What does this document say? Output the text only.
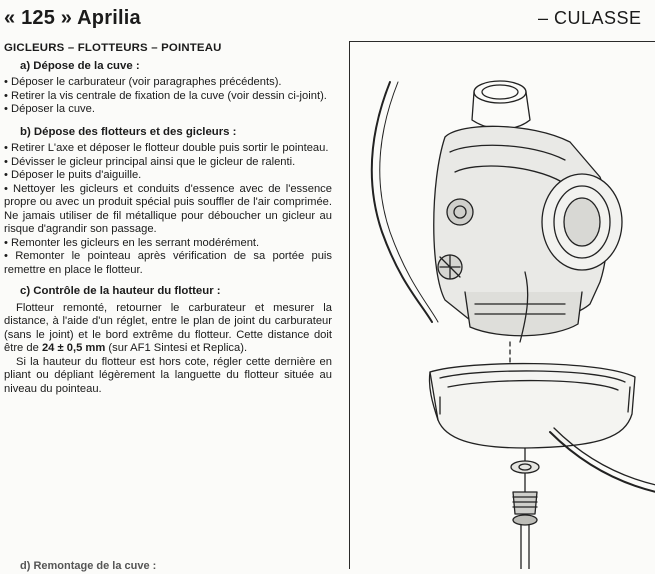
« 125 » Aprilia	– CULASSE
GICLEURS – FLOTTEURS – POINTEAU
a) Dépose de la cuve :

• Déposer le carburateur (voir paragraphes précédents).

• Retirer la vis centrale de fixation de la cuve (voir dessin ci-joint).

• Déposer la cuve.

b) Dépose des flotteurs et des gicleurs :

• Retirer L'axe et déposer le flotteur double puis sortir le pointeau.

• Dévisser le gicleur principal ainsi que le gicleur de ralenti.

• Déposer le puits d'aiguille.

• Nettoyer les gicleurs et conduits d'essence avec de l'essence propre ou avec un produit spécial puis souffler de l'air comprimée. Ne jamais utiliser de fil métallique pour déboucher un gicleur au risque d'agrandir son passage.

• Remonter les gicleurs en les serrant modérément.

• Remonter le pointeau après vérification de sa portée puis remettre en place le flotteur.

c) Contrôle de la hauteur du flotteur :

Flotteur remonté, retourner le carburateur et mesurer la distance, à l'aide d'un réglet, entre le plan de joint du carburateur (sans le joint) et le bord extrême du flotteur. Cette distance doit être de 24 ± 0,5 mm (sur AF1 Sintesi et Replica).

Si la hauteur du flotteur est hors cote, régler cette dernière en pliant ou dépliant légèrement la languette du flotteur située au niveau du pointeau.

d) Remontage de la cuve :
